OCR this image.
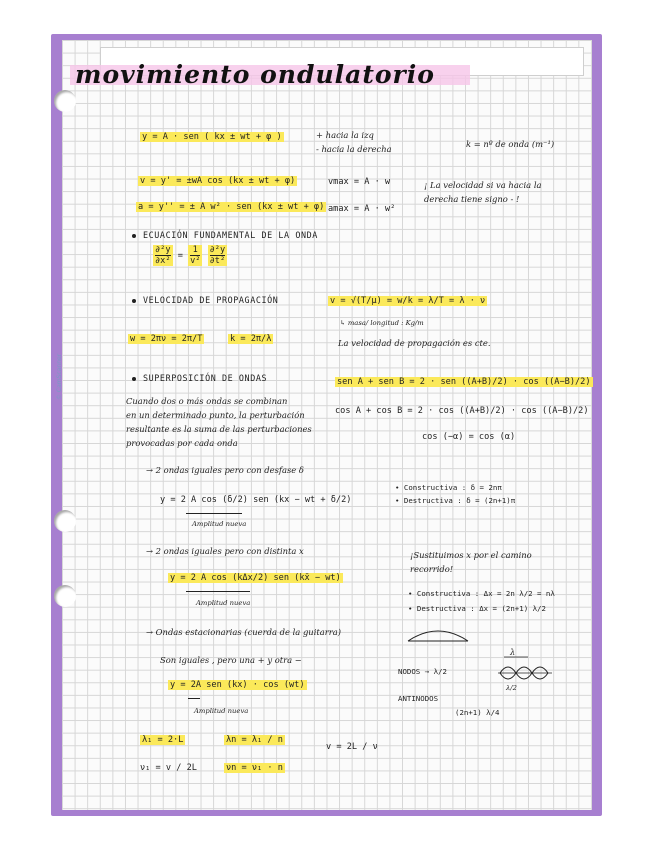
© CamScanner
movimiento ondulatorio
y = A · sen ( kx ± wt + φ )	+ hacia la izq
- hacia la derecha	k = nº de onda (m⁻¹)
v = y' = ±wA cos (kx ± wt + φ)	vmax = A · w
a = y'' = ± A w² · sen (kx ± wt + φ) amax = A · w²
¡ La velocidad si va hacia la derecha tiene signo - !
ECUACIÓN FUNDAMENTAL DE LA ONDA
$\frac{\text{∂²y}}{\text{∂x²}} = \frac{1}{\text{v²}}$
$\frac{\text{∂²y}}{\text{∂t²}}$
VELOCIDAD DE PROPAGACIÓN	v = √(T/μ) = w/k = λ/T = λ · ν
↳ masa/ longitud : Kg/m
w = 2πν = 2π/T	k = 2π/λ	La velocidad de propagación es cte.
SUPERPOSICIÓN DE ONDAS
Cuando dos o más ondas se combinan
en un determinado punto, la perturbación
resultante es la suma de las perturbaciones
provocadas por cada onda
sen A + sen B = 2 · sen ((A+B)/2) · cos ((A−B)/2)
cos A + cos B = 2 · cos ((A+B)/2) · cos ((A−B)/2)
cos (−α) = cos (α)
→ 2 ondas iguales pero con desfase δ
y = 2 A cos (δ/2) sen (kx − wt + δ/2)
Amplitud nueva
• Constructiva : δ = 2nπ
• Destructiva : δ = (2n+1)π
→ 2 ondas iguales pero con distinta x
y = 2 A cos (kΔx/2) sen (kx̄ − wt)
Amplitud nueva
¡Sustituimos x por el camino recorrido!
• Constructiva : Δx = 2n λ/2 = nλ
• Destructiva : Δx = (2n+1) λ/2
→ Ondas estacionarias (cuerda de la guitarra)
Son iguales , pero una + y otra −
y = 2A sen (kx) · cos (wt)
Amplitud nueva
λ
λ/2
NODOS → λ/2
ANTINODOS
(2n+1) λ/4
λ₁ = 2·L	λn = λ₁ / n
v = 2L / ν
ν₁ = v / 2L	νn = ν₁ · n
